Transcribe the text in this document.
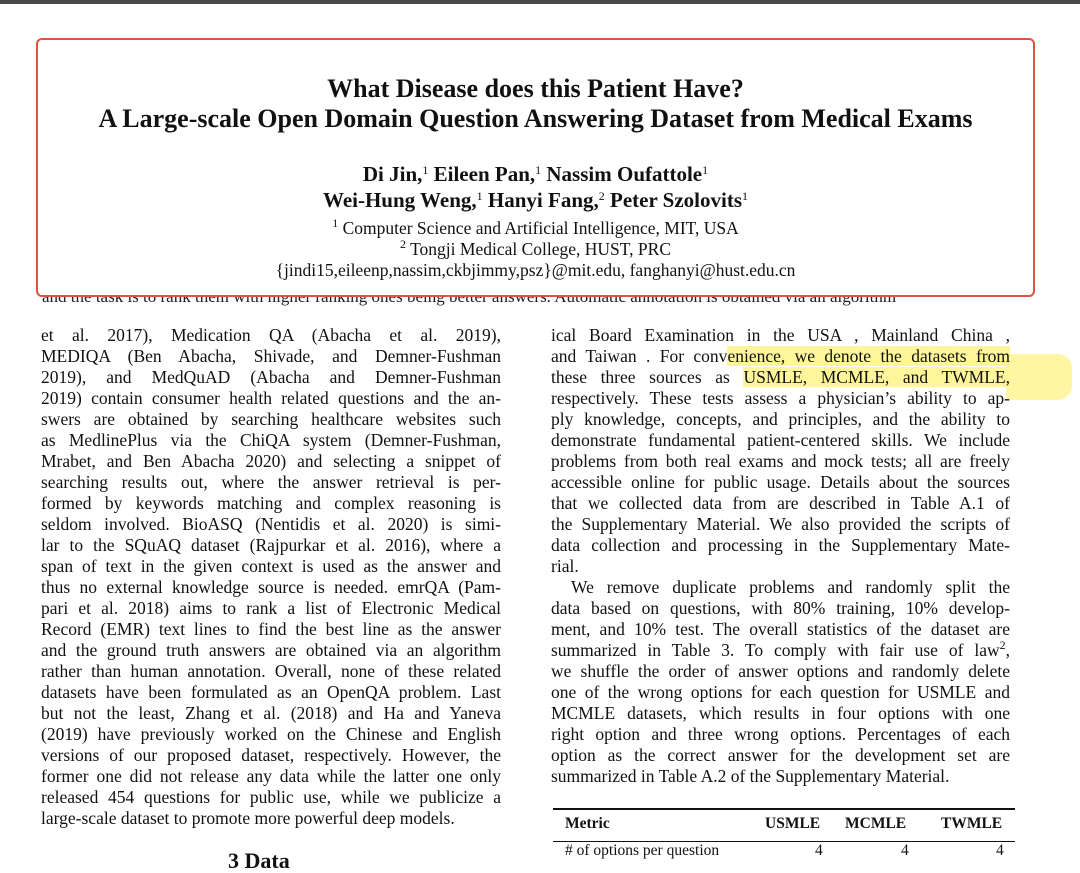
What Disease does this Patient Have?
A Large-scale Open Domain Question Answering Dataset from Medical Exams
Di Jin,$^1$ Eileen Pan,$^1$ Nassim Oufattole$^1$
Wei-Hung Weng,$^1$ Hanyi Fang,$^2$ Peter Szolovits$^1$
$^1$ Computer Science and Artificial Intelligence, MIT, USA
$^2$ Tongji Medical College, HUST, PRC
{jindi15,eileenp,nassim,ckbjimmy,psz}@mit.edu, fanghanyi@hust.edu.cn
et al. 2017), Medication QA (Abacha et al. 2019),
MEDIQA (Ben Abacha, Shivade, and Demner-Fushman
2019), and MedQuAD (Abacha and Demner-Fushman
2019) contain consumer health related questions and the an-
swers are obtained by searching healthcare websites such
as MedlinePlus via the ChiQA system (Demner-Fushman,
Mrabet, and Ben Abacha 2020) and selecting a snippet of
searching results out, where the answer retrieval is per-
formed by keywords matching and complex reasoning is
seldom involved. BioASQ (Nentidis et al. 2020) is simi-
lar to the SQuAQ dataset (Rajpurkar et al. 2016), where a
span of text in the given context is used as the answer and
thus no external knowledge source is needed. emrQA (Pam-
pari et al. 2018) aims to rank a list of Electronic Medical
Record (EMR) text lines to find the best line as the answer
and the ground truth answers are obtained via an algorithm
rather than human annotation. Overall, none of these related
datasets have been formulated as an OpenQA problem. Last
but not the least, Zhang et al. (2018) and Ha and Yaneva
(2019) have previously worked on the Chinese and English
versions of our proposed dataset, respectively. However, the
former one did not release any data while the latter one only
released 454 questions for public use, while we publicize a
large-scale dataset to promote more powerful deep models.
ical Board Examination in the USA , Mainland China ,
and Taiwan . For convenience, we denote the datasets from
these three sources as USMLE, MCMLE, and TWMLE,
respectively. These tests assess a physician’s ability to ap-
ply knowledge, concepts, and principles, and the ability to
demonstrate fundamental patient-centered skills. We include
problems from both real exams and mock tests; all are freely
accessible online for public usage. Details about the sources
that we collected data from are described in Table A.1 of
the Supplementary Material. We also provided the scripts of
data collection and processing in the Supplementary Mate-
rial.
We remove duplicate problems and randomly split the
data based on questions, with 80% training, 10% develop-
ment, and 10% test. The overall statistics of the dataset are
summarized in Table 3. To comply with fair use of law$^2$,
we shuffle the order of answer options and randomly delete
one of the wrong options for each question for USMLE and
MCMLE datasets, which results in four options with one
right option and three wrong options. Percentages of each
option as the correct answer for the development set are
summarized in Table A.2 of the Supplementary Material.
Metric	USMLE MCMLE TWMLE
# of options per question	4	4	4
3 Data
